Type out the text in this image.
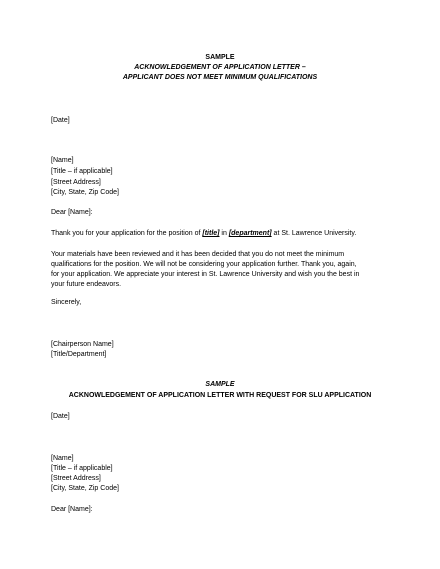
SAMPLE

ACKNOWLEDGEMENT OF APPLICATION LETTER –

APPLICANT DOES NOT MEET MINIMUM QUALIFICATIONS

[Date]

[Name]

[Title – if applicable]

[Street Address]

[City, State, Zip Code]

Dear [Name]:

Thank you for your application for the position of [title] in [department] at St. Lawrence University.

Your materials have been reviewed and it has been decided that you do not meet the minimum

qualifications for the position. We will not be considering your application further. Thank you, again,

for your application. We appreciate your interest in St. Lawrence University and wish you the best in

your future endeavors.

Sincerely,

[Chairperson Name]

[Title/Department]

SAMPLE

ACKNOWLEDGEMENT OF APPLICATION LETTER WITH REQUEST FOR SLU APPLICATION

[Date]

[Name]

[Title – if applicable]

[Street Address]

[City, State, Zip Code]

Dear [Name]:
